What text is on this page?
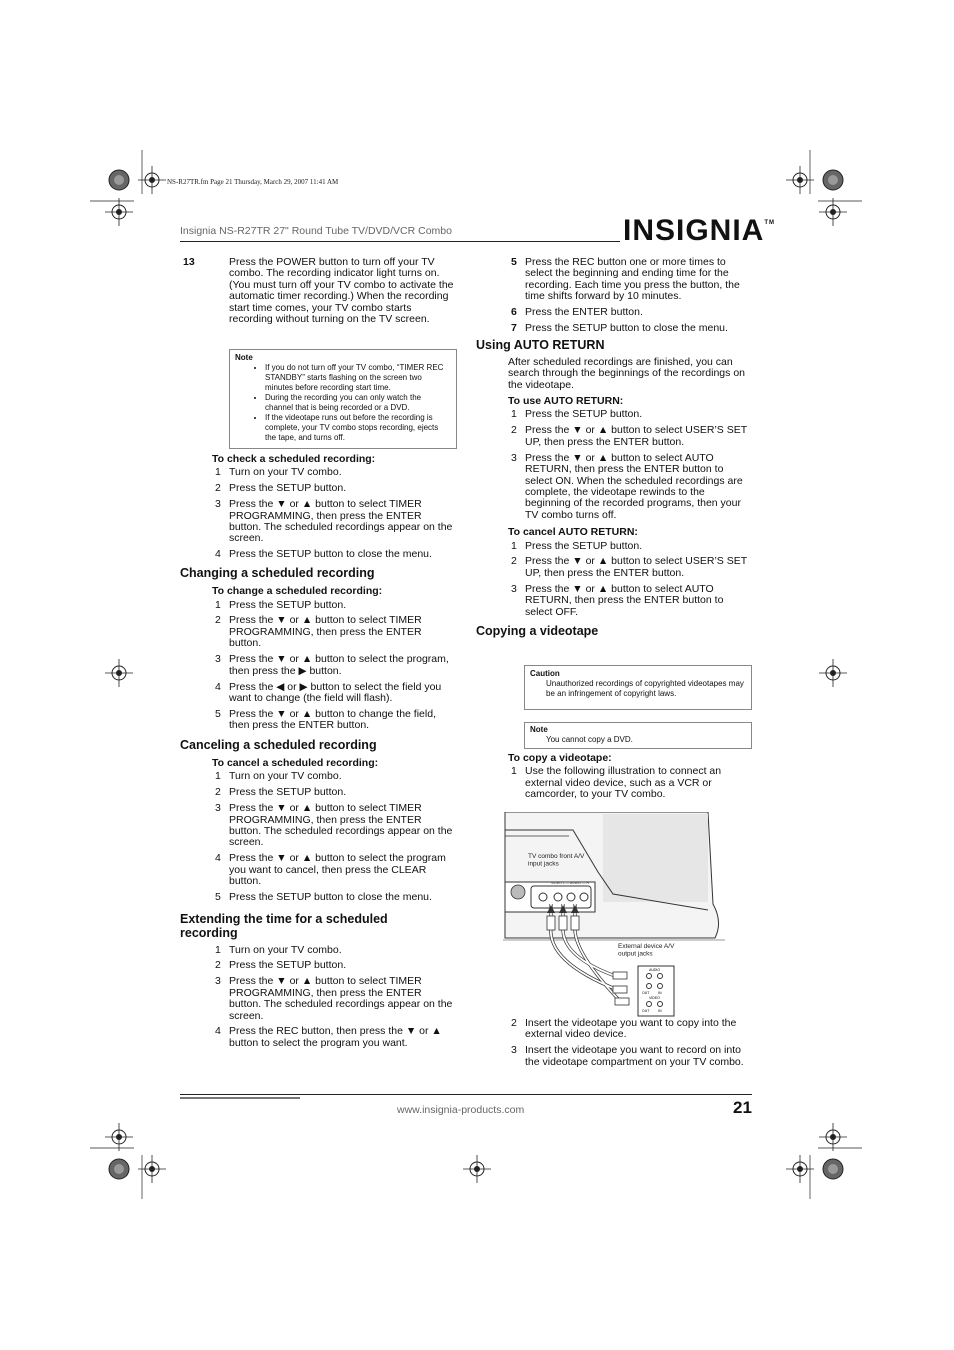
NS-R27TR.fm Page 21 Thursday, March 29, 2007 11:41 AM
Insignia NS-R27TR 27" Round Tube TV/DVD/VCR Combo	INSIGNIA™
13	Press the POWER button to turn off your TV combo. The recording indicator light turns on. (You must turn off your TV combo to activate the automatic timer recording.) When the recording start time comes, your TV combo starts recording without turning on the TV screen.
Note
• If you do not turn off your TV combo, “TIMER REC STANDBY” starts flashing on the screen two minutes before recording start time.
• During the recording you can only watch the channel that is being recorded or a DVD.
• If the videotape runs out before the recording is complete, your TV combo stops recording, ejects the tape, and turns off.
To check a scheduled recording:
1 Turn on your TV combo.
2 Press the SETUP button.
3 Press the ▼ or ▲ button to select TIMER PROGRAMMING, then press the ENTER button. The scheduled recordings appear on the screen.
4 Press the SETUP button to close the menu.
Changing a scheduled recording
To change a scheduled recording:
1 Press the SETUP button.
2 Press the ▼ or ▲ button to select TIMER PROGRAMMING, then press the ENTER button.
3 Press the ▼ or ▲ button to select the program, then press the ▶ button.
4 Press the ◀ or ▶ button to select the field you want to change (the field will flash).
5 Press the ▼ or ▲ button to change the field, then press the ENTER button.
Canceling a scheduled recording
To cancel a scheduled recording:
1 Turn on your TV combo.
2 Press the SETUP button.
3 Press the ▼ or ▲ button to select TIMER PROGRAMMING, then press the ENTER button. The scheduled recordings appear on the screen.
4 Press the ▼ or ▲ button to select the program you want to cancel, then press the CLEAR button.
5 Press the SETUP button to close the menu.
Extending the time for a scheduled recording
1 Turn on your TV combo.
2 Press the SETUP button.
3 Press the ▼ or ▲ button to select TIMER PROGRAMMING, then press the ENTER button. The scheduled recordings appear on the screen.
4 Press the REC button, then press the ▼ or ▲ button to select the program you want.
5 Press the REC button one or more times to select the beginning and ending time for the recording. Each time you press the button, the time shifts forward by 10 minutes.
6 Press the ENTER button.
7 Press the SETUP button to close the menu.
Using AUTO RETURN
After scheduled recordings are finished, you can search through the beginnings of the recordings on the videotape.
To use AUTO RETURN:
1 Press the SETUP button.
2 Press the ▼ or ▲ button to select USER’S SET UP, then press the ENTER button.
3 Press the ▼ or ▲ button to select AUTO RETURN, then press the ENTER button to select ON. When the scheduled recordings are complete, the videotape rewinds to the beginning of the recorded programs, then your TV combo turns off.
To cancel AUTO RETURN:
1 Press the SETUP button.
2 Press the ▼ or ▲ button to select USER’S SET UP, then press the ENTER button.
3 Press the ▼ or ▲ button to select AUTO RETURN, then press the ENTER button to select OFF.
Copying a videotape
Caution
Unauthorized recordings of copyrighted videotapes may be an infringement of copyright laws.
Note
You cannot copy a DVD.
To copy a videotape:
1 Use the following illustration to connect an external video device, such as a VCR or camcorder, to your TV combo.
VIDEO L — AUDIO — R
TV combo front A/V input jacks
External device A/V output jacks
AUDIO
OUT IN
VIDEO
OUT IN
2 Insert the videotape you want to copy into the external video device.
3 Insert the videotape you want to record on into the videotape compartment on your TV combo.
www.insignia-products.com	21
